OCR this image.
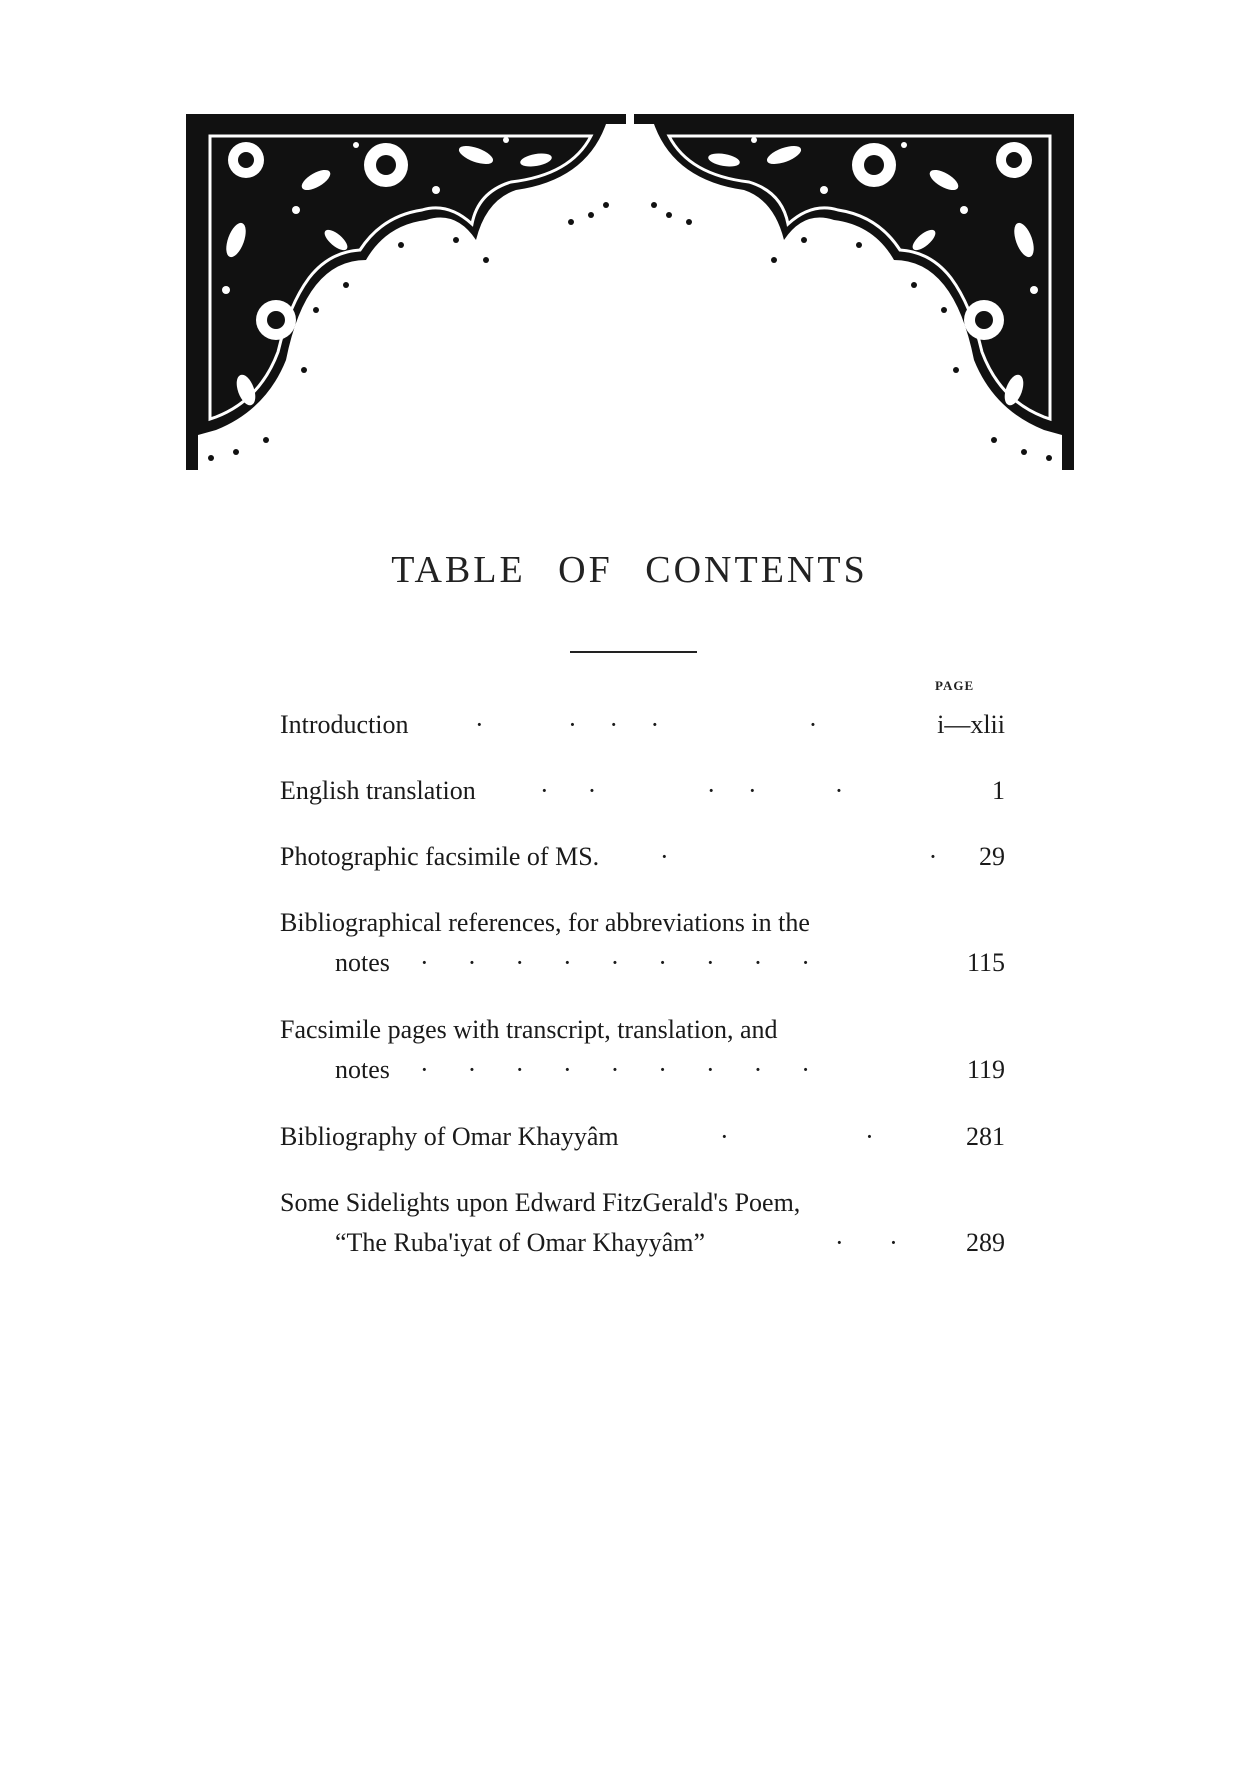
TABLE OF CONTENTS
PAGE
Introduction	·             ·     ·     ·                       ·	i—xlii
English translation ·      ·                 ·     ·            ·	1
Photographic facsimile of MS. ·                                        · 29
Bibliographical references, for abbreviations in the
notes ·      ·      ·      ·      ·      ·      ·      ·      ·	115
Facsimile pages with transcript, translation, and
notes ·      ·      ·      ·      ·      ·      ·      ·      ·	119
Bibliography of Omar Khayyâm	·                     ·	281
Some Sidelights upon Edward FitzGerald's Poem,
“The Ruba'iyat of Omar Khayyâm”	·       ·	289
